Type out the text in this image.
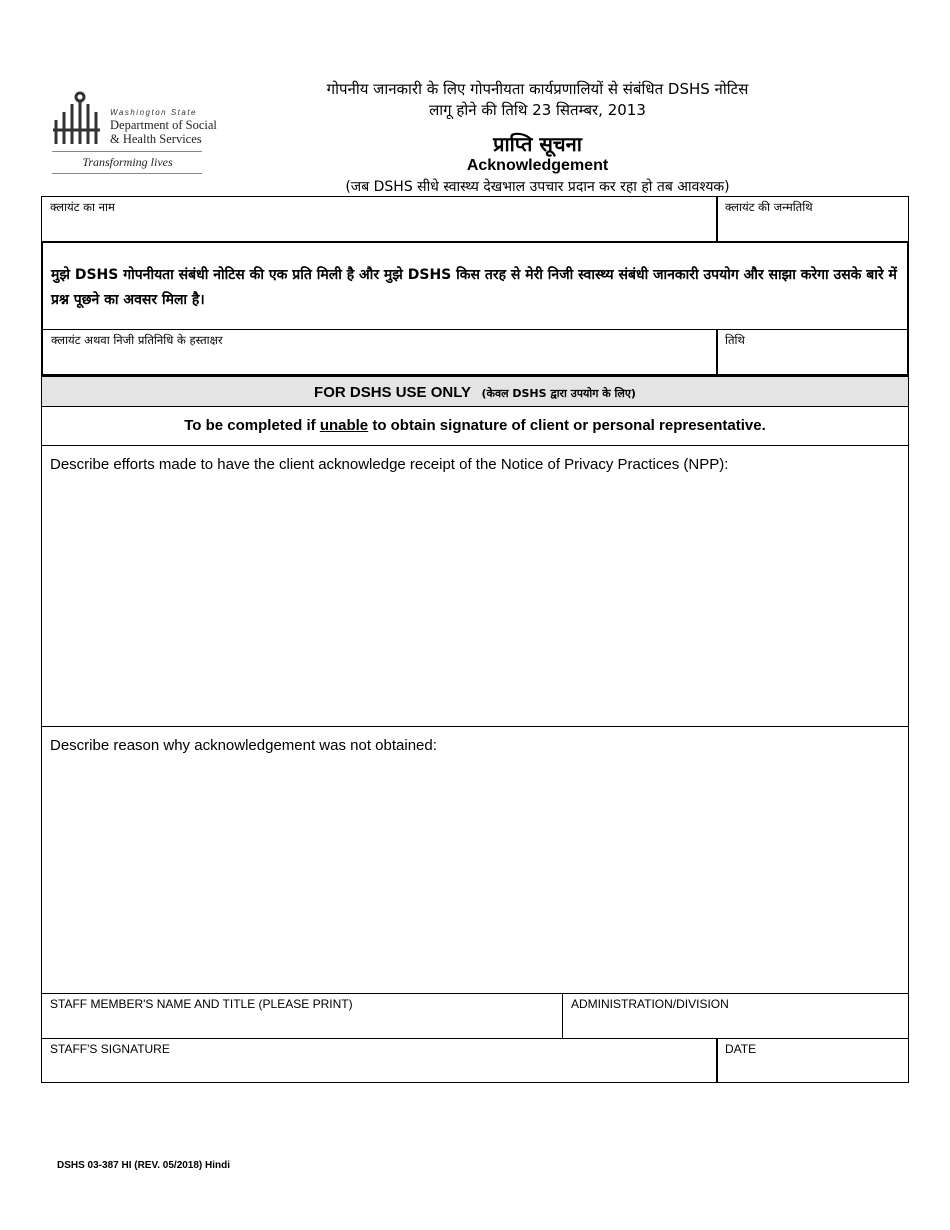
Washington State
Department of Social
& Health Services
Transforming lives
गोपनीय जानकारी के लिए गोपनीयता कार्यप्रणालियों से संबंधित DSHS नोटिस
लागू होने की तिथि 23 सितम्बर, 2013
प्राप्ति सूचना
Acknowledgement
(जब DSHS सीधे स्वास्थ्य देखभाल उपचार प्रदान कर रहा हो तब आवश्यक)
क्लायंट का नाम	क्लायंट की जन्मतिथि
मुझे DSHS गोपनीयता संबंधी नोटिस की एक प्रति मिली है और मुझे DSHS किस तरह से मेरी निजी स्वास्थ्य संबंधी जानकारी उपयोग और साझा करेगा उसके बारे में प्रश्न पूछने का अवसर मिला है।
क्लायंट अथवा निजी प्रतिनिधि के हस्ताक्षर	तिथि
FOR DSHS USE ONLY (केवल DSHS द्वारा उपयोग के लिए)
To be completed if unable to obtain signature of client or personal representative.
Describe efforts made to have the client acknowledge receipt of the Notice of Privacy Practices (NPP):
Describe reason why acknowledgement was not obtained:
STAFF MEMBER'S NAME AND TITLE (PLEASE PRINT)	ADMINISTRATION/DIVISION
STAFF'S SIGNATURE	DATE
DSHS 03-387 HI (REV. 05/2018) Hindi
